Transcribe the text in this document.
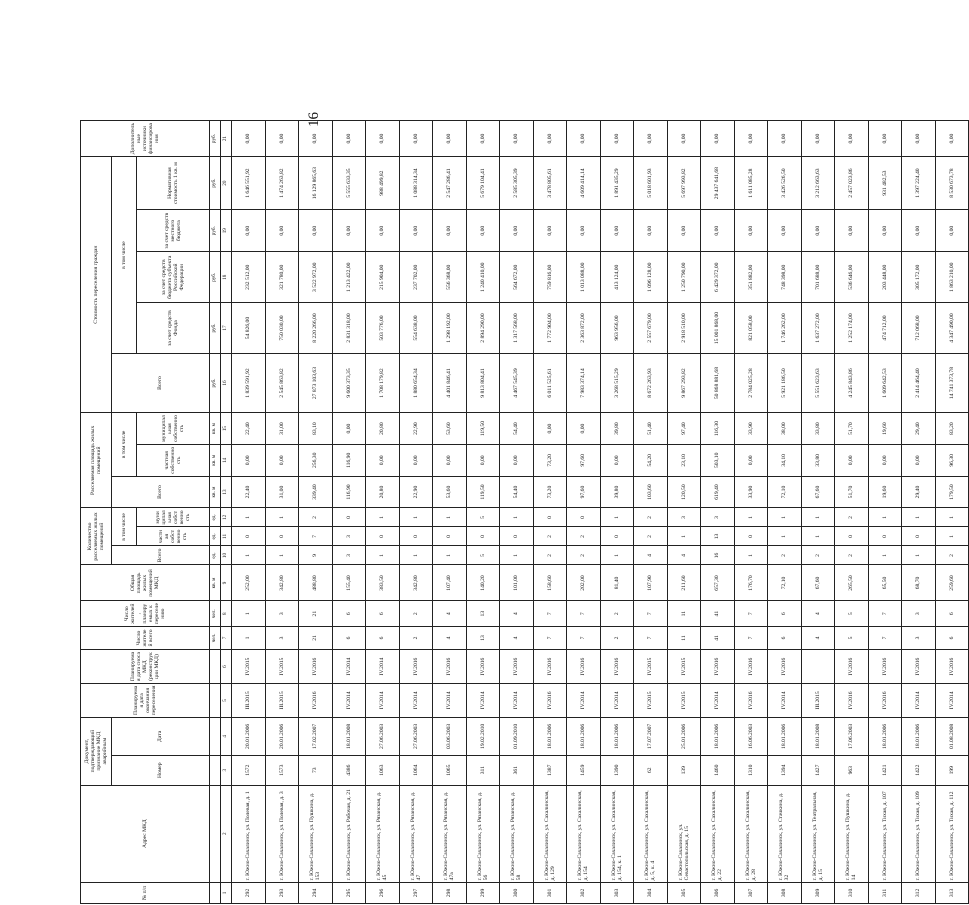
16
№ п/п	Адрес МКД	Документ, подтверждающий признание МКД аварийным		Планируемая дата окончания переселения	Планируемая дата сноса МКД (реконструкции МКД)	Число жителей всего	Число жителей, планируемых к переселению	Общая площадь жилых помещений МКД	Количество расселяемых жилых помещений			Расселяемая площадь жилых помещений			Стоимость переселения граждан					Дополнительные источники финансирования
		Номер	Дата						Всего	в том числе		Всего	в том числе		Всего	в том числе				
										частная собственность	муниципальная собственность		частная собственность	муниципальная собственность		за счет средств Фонда	за счет средств бюджета субъекта Российской Федерации	за счет средств местного бюджета	Нормативная стоимость 1 кв. м	
						чел.	чел.	кв. м	ед.	ед.	ед.	кв. м	кв. м	кв. м	руб.	руб.	руб.	руб.	руб.	руб.
1	2	3	4	5	6	7	8	9	10	11	12	13	14	15	16	17	18	19	20	21
292	г. Южно-Сахалинск, ул. Полевая, д. 1	1572	20.01.2006	III.2015	IV.2015	1	1	252,00	1	0	1	22,40	0,00	22,40	1 839 591,92	54 826,00	232 512,00	0,00	1 646 551,92	0,00
293	г. Южно-Сахалинск, ул. Полевая, д. 3	1573	20.01.2006	III.2015	IV.2015	3	3	342,80	1	0	1	31,00	0,00	31,00	2 545 863,82	750 030,00	321 780,00	0,00	1 474 263,82	0,00
294	г. Южно-Сахалинск, ул. Пушкина, д. 153	73	17.02.2007	IV.2016	IV.2016	21	21	488,80	9	7	2	339,40	256,30	83,10	27 873 103,63	8 220 266,00	3 522 972,00	0,00	16 129 865,63	0,00
295	г. Южно-Сахалинск, ул. Рабочая, д. 21	4386	18.01.2008	IV.2014	IV.2014	6	6	155,40	3	3	0	116,90	116,90	0,00	9 600 373,35	2 831 318,00	1 213 422,00	0,00	5 555 633,35	0,00
296	г. Южно-Сахалинск, ул. Рязанская, д. 45	1063	27.06.2003	IV.2014	IV.2014	6	6	383,50	1	0	1	20,80	0,00	20,80	1 708 179,82	503 776,00	215 904,00	0,00	988 499,82	0,00
297	г. Южно-Сахалинск, ул. Рязанская, д. 47	1064	27.06.2003	IV.2014	IV.2016	2	2	342,80	1	0	1	22,90	0,00	22,90	1 880 654,34	554 638,00	237 702,00	0,00	1 088 314,34	0,00
298	г. Южно-Сахалинск, ул. Рязанская, д. 47а	1065	03.06.2003	IV.2014	IV.2016	4	4	107,40	1	0	1	53,60	0,00	53,60	4 401 846,41	1 298 192,00	556 368,00	0,00	2 547 286,41	0,00
299	г. Южно-Сахалинск, ул. Рязанская, д. 56	311	19.02.2010	IV.2014	IV.2016	13	13	140,20	5	0	5	119,50	0,00	119,50	9 813 804,41	2 894 290,00	1 240 410,00	0,00	5 679 104,41	0,00
300	г. Южно-Сахалинск, ул. Рязанская, д. 58	361	01.09.2010	IV.2014	IV.2016	4	4	101,00	1	0	1	54,40	0,00	54,40	4 467 545,39	1 317 568,00	564 672,00	0,00	2 585 305,39	0,00
301	г. Южно-Сахалинск, ул. Сахалинская, д. 129	1387	18.01.2006	IV.2016	IV.2016	7	7	158,60	2	2	0	73,20	73,20	0,00	6 011 525,61	1 772 904,00	759 816,00	0,00	3 478 805,61	0,00
302	г. Южно-Сахалинск, ул. Сахалинская, д. 154	1459	18.01.2006	IV.2014	IV.2016	7	7	202,00	2	2	0	97,60	97,60	0,00	7 983 374,14	2 363 872,00	1 013 088,00	0,00	4 609 414,14	0,00
303	г. Южно-Сахалинск, ул. Сахалинская, д. 154, к. 1	1390	18.01.2006	IV.2014	IV.2016	2	2	81,40	1	0	1	39,80	0,00	39,80	3 268 515,29	963 956,00	413 124,00	0,00	1 891 435,29	0,00
304	г. Южно-Сахалинск, ул. Сахалинская, д. 5, к. 4	62	17.07.2007	IV.2015	IV.2015	7	7	107,90	4	2	2	103,60	54,20	51,40	8 672 263,93	2 557 679,00	1 096 128,00	0,00	5 018 601,93	0,00
305	г. Южно-Сахалинск, ул. Севастопольская, д. 15	139	25.01.2006	IV.2015	IV.2015	11	11	211,60	4	1	3	120,50	23,10	97,40	9 867 293,82	2 918 510,00	1 250 790,00	0,00	5 697 993,82	0,00
306	г. Южно-Сахалинск, ул. Сахалинская, д. 22	1460	18.01.2006	IV.2014	IV.2016	41	41	657,30	16	13	3	619,40	503,10	116,30	50 868 881,68	15 001 868,00	6 429 372,00	0,00	29 437 641,68	0,00
307	г. Южно-Сахалинск, ул. Сахалинская, д. 28	1310	16.06.2003	IV.2016	IV.2016	7	7	176,70	1	0	1	33,90	0,00	33,90	2 784 025,28	821 058,00	351 882,00	0,00	1 611 085,28	0,00
308	г. Южно-Сахалинск, ул. Стачкина, д. 32	1394	18.01.2006	IV.2014	IV.2016	6	6	72,10	2	1	1	72,10	34,10	38,00	5 921 186,50	1 746 262,00	748 398,00	0,00	3 426 526,50	0,00
309	г. Южно-Сахалинск, ул. Театральная, д. 15	1427	18.01.2008	III.2015		4	4	67,60	2	1	1	67,60	33,80	33,80	5 551 623,63	1 637 272,00	701 688,00	0,00	3 212 663,63	0,00
310	г. Южно-Сахалинск, ул. Пушкина, д. 14	963	17.06.2003	IV.2016	IV.2016	5	5	265,50	2	0	2	51,70	0,00	51,70	4 245 843,86	1 252 174,00	536 646,00	0,00	2 457 023,86	0,00
311	г. Южно-Сахалинск, ул. Тихая, д. 107	1421	18.01.2006	IV.2016	IV.2016	7	7	65,50	1	0	1	19,60	0,00	19,60	1 609 642,53	474 712,00	203 448,00	0,00	931 482,53	0,00
312	г. Южно-Сахалинск, ул. Тихая, д. 109	1422	18.01.2006	IV.2014	IV.2016	3	3	68,70	1	0	1	29,40	0,00	29,40	2 414 464,40	712 068,00	305 172,00	0,00	1 397 224,40	0,00
313	г. Южно-Сахалинск, ул. Тихая, д. 112	199	01.08.2008	IV.2014	IV.2016	6	6	259,60	2	1	1	179,50	96,30	83,20	14 741 373,78	4 347 490,00	1 863 210,00	0,00	8 530 673,78	0,00
